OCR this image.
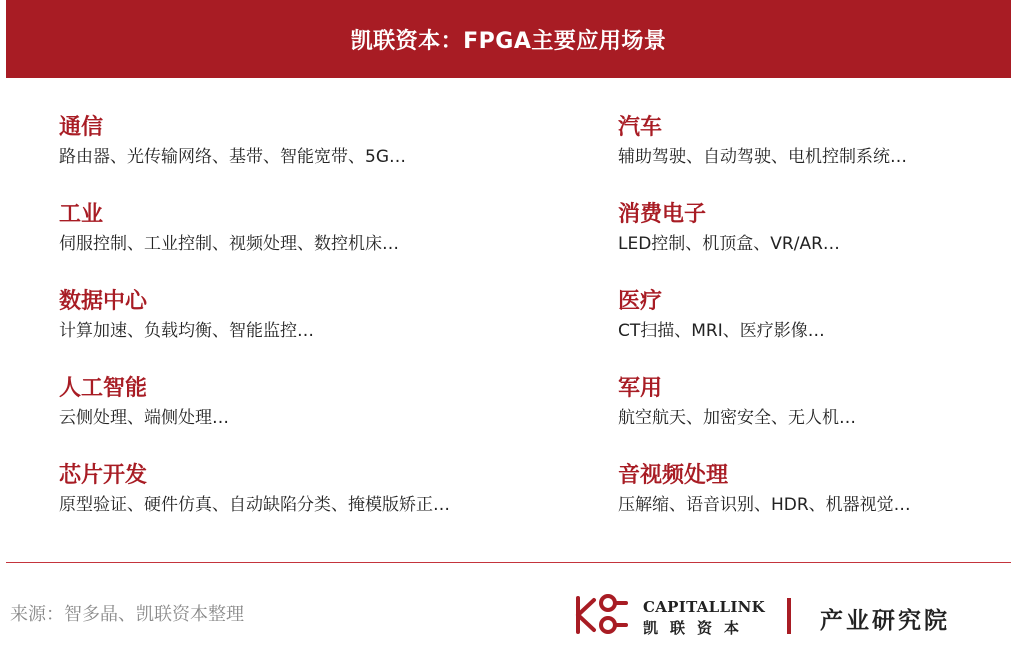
凯联资本：FPGA主要应用场景
通信
路由器、光传输网络、基带、智能宽带、5G…
工业
伺服控制、工业控制、视频处理、数控机床…
数据中心
计算加速、负载均衡、智能监控…
人工智能
云侧处理、端侧处理…
芯片开发
原型验证、硬件仿真、自动缺陷分类、掩模版矫正…
汽车
辅助驾驶、自动驾驶、电机控制系统…
消费电子
LED控制、机顶盒、VR/AR…
医疗
CT扫描、MRI、医疗影像…
军用
航空航天、加密安全、无人机…
音视频处理
压解缩、语音识别、HDR、机器视觉…
来源：智多晶、凯联资本整理	CAPITALLINK
凯联资本	产业研究院
